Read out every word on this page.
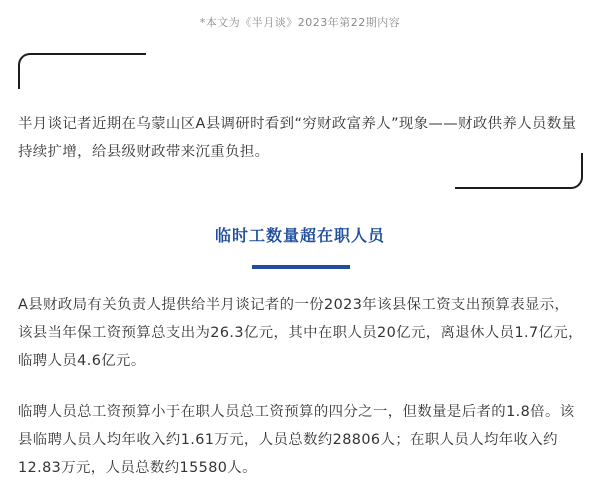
*本文为《半月谈》2023年第22期内容

半月谈记者近期在乌蒙山区A县调研时看到“穷财政富养人”现象——财政供养人员数量持续扩增，给县级财政带来沉重负担。

临时工数量超在职人员

A县财政局有关负责人提供给半月谈记者的一份2023年该县保工资支出预算表显示，该县当年保工资预算总支出为26.3亿元，其中在职人员20亿元，离退休人员1.7亿元，临聘人员4.6亿元。

临聘人员总工资预算小于在职人员总工资预算的四分之一，但数量是后者的1.8倍。该县临聘人员人均年收入约1.61万元，人员总数约28806人；在职人员人均年收入约12.83万元，人员总数约15580人。
